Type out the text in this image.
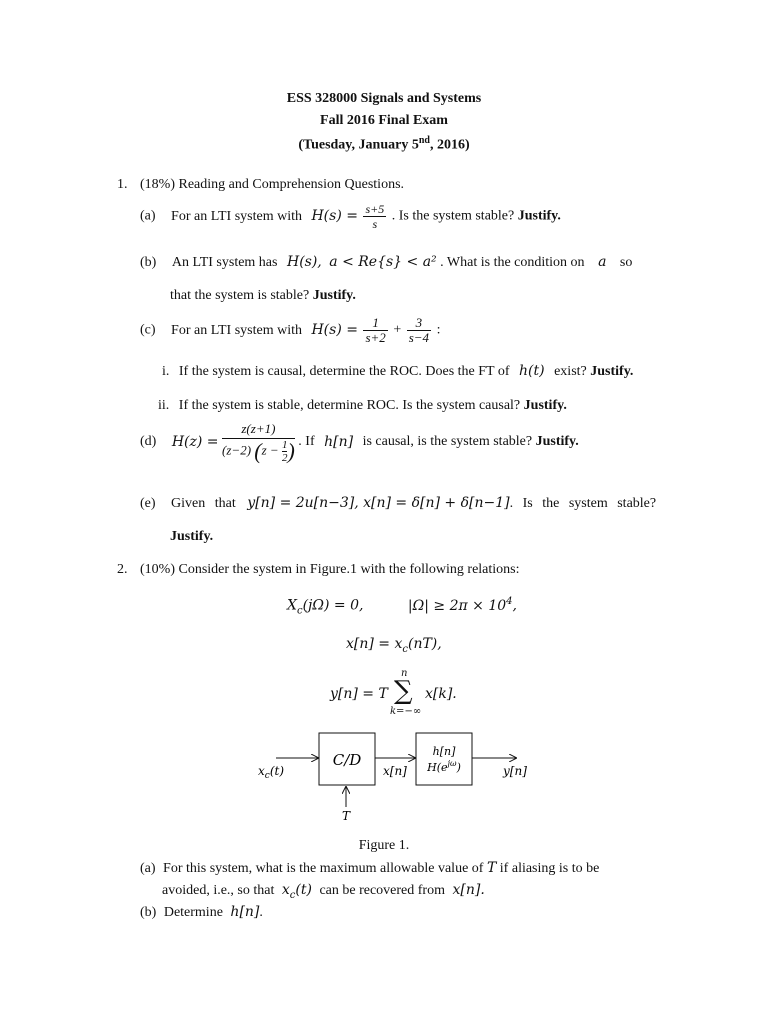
ESS 328000 Signals and Systems
Fall 2016 Final Exam
(Tuesday, January 5nd, 2016)
1. (18%) Reading and Comprehension Questions.
(a) For an LTI system with $H(s) = \frac{s+5}{s}$ . Is the system stable? Justify.
(b) An LTI system has H(s), a < Re{s} < a² . What is the condition on a so
that the system is stable? Justify.
(c) For an LTI system with $H(s) = \frac{1}{s+2} + \frac{3}{s-4}$ :
i. If the system is causal, determine the ROC. Does the FT of h(t) exist? Justify.
ii. If the system is stable, determine ROC. Is the system causal? Justify.
(d) $H(z) = \frac{z(z+1)}{(z-2) (z - \frac{1}{2} )}$ . If h[n] is causal, is the system stable? Justify.
(e) Given that y[n] = 2u[n−3], x[n] = δ[n] + δ[n−1]. Is the system stable?
Justify.
2. (10%) Consider the system in Figure.1 with the following relations:
$X_c(j\Omega) = 0$,	$|\Omega| \ge 2\pi \times 10^4$,
$x[n] = x_c(nT)$,
y[n] = T
n
∑
k=−∞
x[k].
$x_c(t)$
C/D
x[n]
h[n]
$H(e^{j\omega})$	y[n]
T
Figure 1.
(a) For this system, what is the maximum allowable value of T if aliasing is to be
avoided, i.e., so that $x_c(t)$ can be recovered from x[n].
(b) Determine h[n].
